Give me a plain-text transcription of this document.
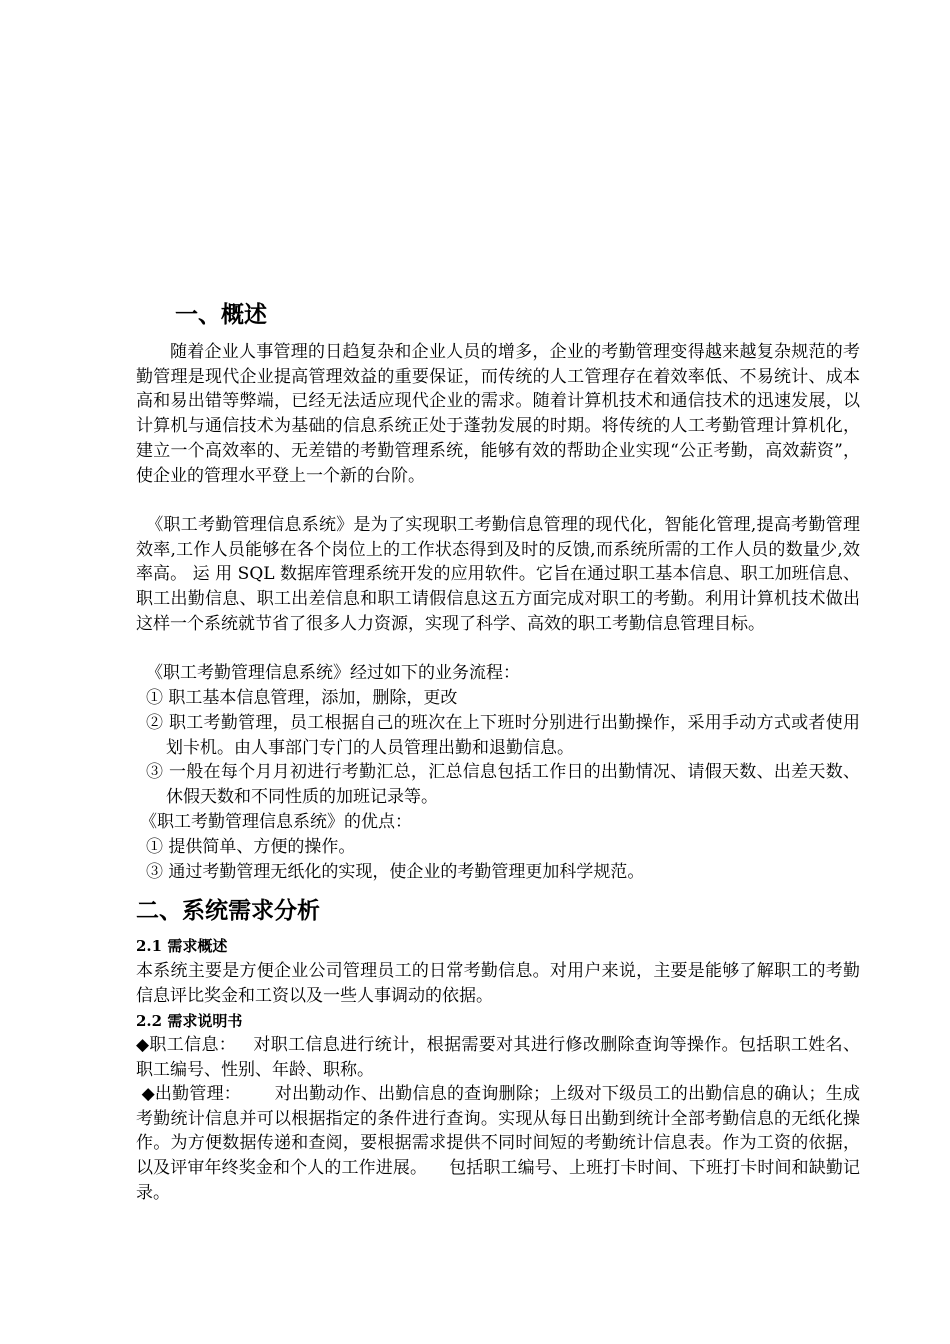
一、概述
随着企业人事管理的日趋复杂和企业人员的增多，企业的考勤管理变得越来越复杂规范的考勤管理是现代企业提高管理效益的重要保证，而传统的人工管理存在着效率低、不易统计、成本高和易出错等弊端，已经无法适应现代企业的需求。随着计算机技术和通信技术的迅速发展，以计算机与通信技术为基础的信息系统正处于蓬勃发展的时期。将传统的人工考勤管理计算机化，建立一个高效率的、无差错的考勤管理系统，能够有效的帮助企业实现“公正考勤，高效薪资”，使企业的管理水平登上一个新的台阶。
《职工考勤管理信息系统》是为了实现职工考勤信息管理的现代化，智能化管理,提高考勤管理效率,工作人员能够在各个岗位上的工作状态得到及时的反馈,而系统所需的工作人员的数量少,效率高。 运 用 SQL 数据库管理系统开发的应用软件。它旨在通过职工基本信息、职工加班信息、职工出勤信息、职工出差信息和职工请假信息这五方面完成对职工的考勤。利用计算机技术做出这样一个系统就节省了很多人力资源，实现了科学、高效的职工考勤信息管理目标。
《职工考勤管理信息系统》经过如下的业务流程：
① 职工基本信息管理，添加，删除，更改
② 职工考勤管理，员工根据自己的班次在上下班时分别进行出勤操作，采用手动方式或者使用划卡机。由人事部门专门的人员管理出勤和退勤信息。
③ 一般在每个月月初进行考勤汇总，汇总信息包括工作日的出勤情况、请假天数、出差天数、休假天数和不同性质的加班记录等。
《职工考勤管理信息系统》的优点：
① 提供简单、方便的操作。
③ 通过考勤管理无纸化的实现，使企业的考勤管理更加科学规范。
二、系统需求分析
2.1 需求概述
本系统主要是方便企业公司管理员工的日常考勤信息。对用户来说，主要是能够了解职工的考勤信息评比奖金和工资以及一些人事调动的依据。
2.2 需求说明书
◆职工信息：   对职工信息进行统计，根据需要对其进行修改删除查询等操作。包括职工姓名、职工编号、性别、年龄、职称。
◆出勤管理：      对出勤动作、出勤信息的查询删除；上级对下级员工的出勤信息的确认；生成考勤统计信息并可以根据指定的条件进行查询。实现从每日出勤到统计全部考勤信息的无纸化操作。为方便数据传递和查阅，要根据需求提供不同时间短的考勤统计信息表。作为工资的依据，以及评审年终奖金和个人的工作进展。    包括职工编号、上班打卡时间、下班打卡时间和缺勤记录。
